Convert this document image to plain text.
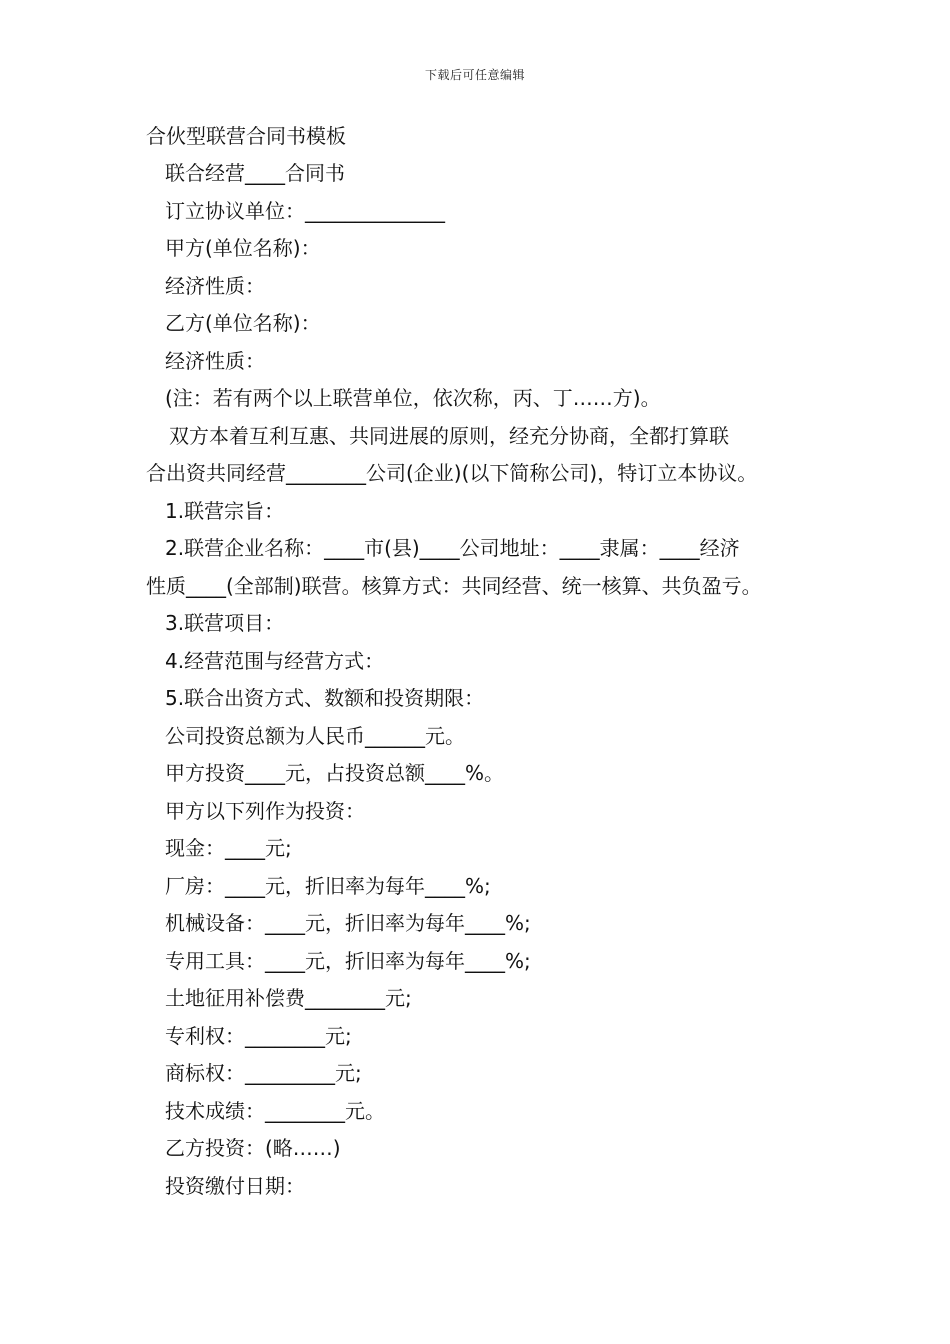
下载后可任意编辑
合伙型联营合同书模板
联合经营____合同书
订立协议单位：______________
甲方(单位名称)：
经济性质：
乙方(单位名称)：
经济性质：
(注：若有两个以上联营单位，依次称，丙、丁……方)。
双方本着互利互惠、共同进展的原则，经充分协商，全都打算联
合出资共同经营________公司(企业)(以下简称公司)，特订立本协议。
1.联营宗旨：
2.联营企业名称：____市(县)____公司地址：____隶属：____经济
性质____(全部制)联营。核算方式：共同经营、统一核算、共负盈亏。
3.联营项目：
4.经营范围与经营方式：
5.联合出资方式、数额和投资期限：
公司投资总额为人民币______元。
甲方投资____元，占投资总额____%。
甲方以下列作为投资：
现金：____元;
厂房：____元，折旧率为每年____%;
机械设备：____元，折旧率为每年____%;
专用工具：____元，折旧率为每年____%;
土地征用补偿费________元;
专利权：________元;
商标权：_________元;
技术成绩：________元。
乙方投资：(略……)
投资缴付日期：
